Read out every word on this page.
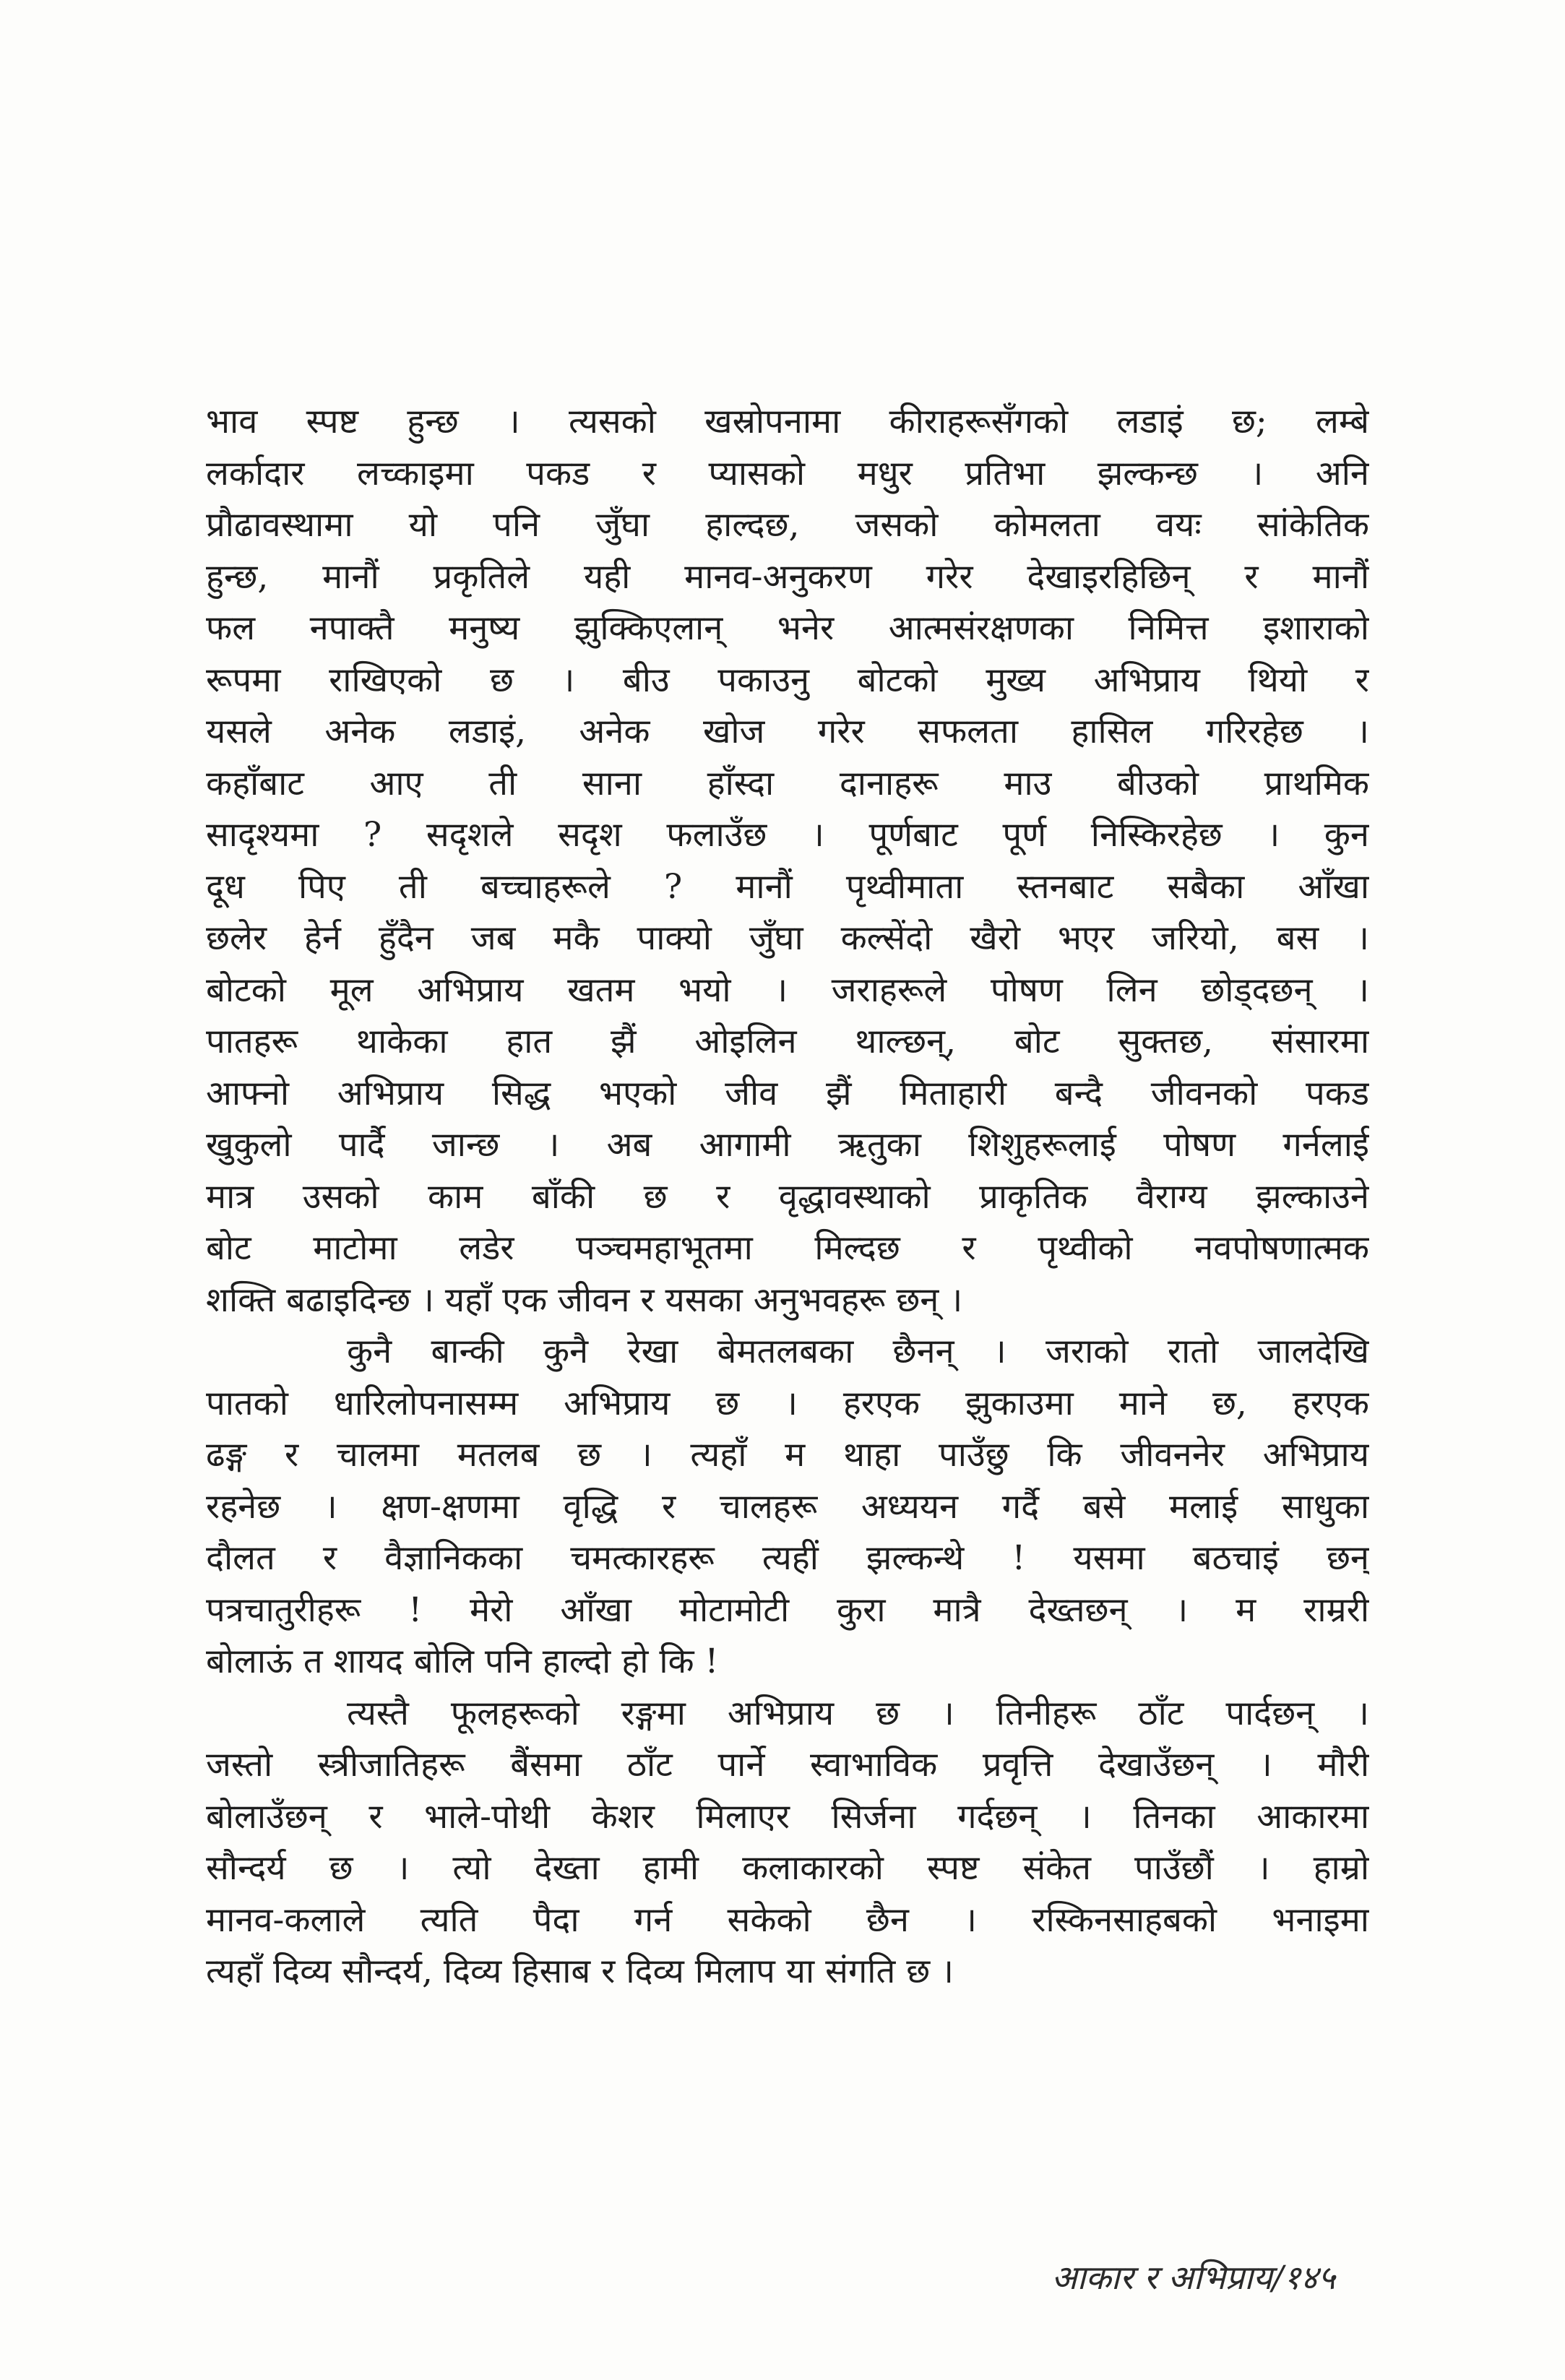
भाव स्पष्ट हुन्छ । त्यसको खस्रोपनामा कीराहरूसँगको लडाइं छ; लम्बे
लर्कादार लच्काइमा पकड र प्यासको मधुर प्रतिभा झल्कन्छ । अनि
प्रौढावस्थामा यो पनि जुँघा हाल्दछ, जसको कोमलता वयः सांकेतिक
हुन्छ, मानौं प्रकृतिले यही मानव-अनुकरण गरेर देखाइरहिछिन् र मानौं
फल नपाक्तै मनुष्य झुक्किएलान् भनेर आत्मसंरक्षणका निमित्त इशाराको
रूपमा राखिएको छ । बीउ पकाउनु बोटको मुख्य अभिप्राय थियो र
यसले अनेक लडाइं, अनेक खोज गरेर सफलता हासिल गरिरहेछ ।
कहाँबाट आए ती साना हाँस्दा दानाहरू माउ बीउको प्राथमिक
सादृश्यमा ? सदृशले सदृश फलाउँछ । पूर्णबाट पूर्ण निस्किरहेछ । कुन
दूध पिए ती बच्चाहरूले ? मानौं पृथ्वीमाता स्तनबाट सबैका आँखा
छलेर हेर्न हुँदैन जब मकै पाक्यो जुँघा कल्सेंदो खैरो भएर जरियो, बस ।
बोटको मूल अभिप्राय खतम भयो । जराहरूले पोषण लिन छोड्दछन् ।
पातहरू थाकेका हात झैं ओइलिन थाल्छन्, बोट सुक्तछ, संसारमा
आफ्नो अभिप्राय सिद्ध भएको जीव झैं मिताहारी बन्दै जीवनको पकड
खुकुलो पार्दै जान्छ । अब आगामी ऋतुका शिशुहरूलाई पोषण गर्नलाई
मात्र उसको काम बाँकी छ र वृद्धावस्थाको प्राकृतिक वैराग्य झल्काउने
बोट माटोमा लडेर पञ्चमहाभूतमा मिल्दछ र पृथ्वीको नवपोषणात्मक
शक्ति बढाइदिन्छ । यहाँ एक जीवन र यसका अनुभवहरू छन् ।
कुनै बान्की कुनै रेखा बेमतलबका छैनन् । जराको रातो जालदेखि
पातको धारिलोपनासम्म अभिप्राय छ । हरएक झुकाउमा माने छ, हरएक
ढङ्ग र चालमा मतलब छ । त्यहाँ म थाहा पाउँछु कि जीवननेर अभिप्राय
रहनेछ । क्षण-क्षणमा वृद्धि र चालहरू अध्ययन गर्दै बसे मलाई साधुका
दौलत र वैज्ञानिकका चमत्कारहरू त्यहीं झल्कन्थे ! यसमा बठचाइं छन्
पत्रचातुरीहरू ! मेरो आँखा मोटामोटी कुरा मात्रै देख्तछन् । म राम्ररी
बोलाऊं त शायद बोलि पनि हाल्दो हो कि !
त्यस्तै फूलहरूको रङ्गमा अभिप्राय छ । तिनीहरू ठाँट पार्दछन् ।
जस्तो स्त्रीजातिहरू बैंसमा ठाँट पार्ने स्वाभाविक प्रवृत्ति देखाउँछन् । मौरी
बोलाउँछन् र भाले-पोथी केशर मिलाएर सिर्जना गर्दछन् । तिनका आकारमा
सौन्दर्य छ । त्यो देख्ता हामी कलाकारको स्पष्ट संकेत पाउँछौं । हाम्रो
मानव-कलाले त्यति पैदा गर्न सकेको छैन । रस्किनसाहबको भनाइमा
त्यहाँ दिव्य सौन्दर्य, दिव्य हिसाब र दिव्य मिलाप या संगति छ ।
आकार र अभिप्राय/१४५
